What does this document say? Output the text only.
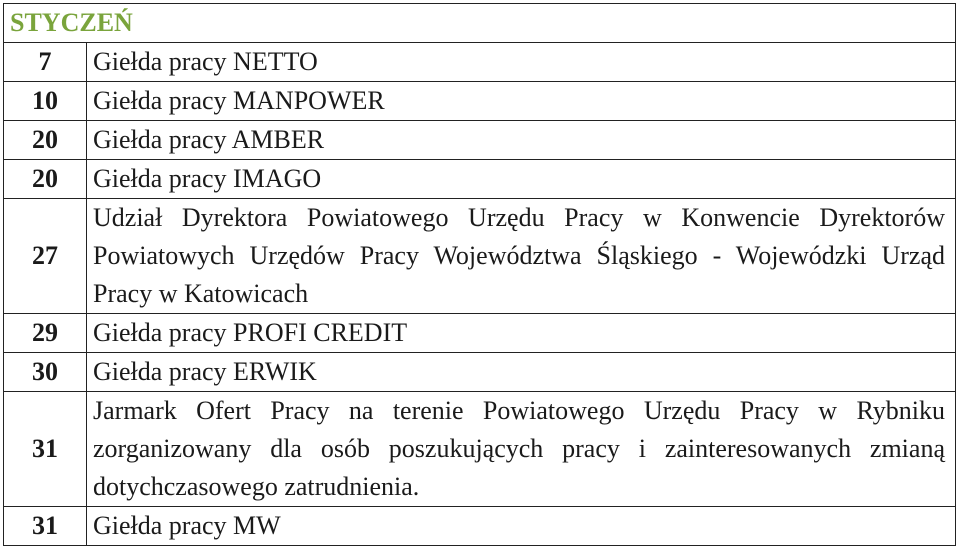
STYCZEŃ	
7	Giełda pracy NETTO
10	Giełda pracy MANPOWER
20	Giełda pracy AMBER
20	Giełda pracy IMAGO
27	Udział Dyrektora Powiatowego Urzędu Pracy w Konwencie Dyrektorów Powiatowych Urzędów Pracy Województwa Śląskiego - Wojewódzki Urząd Pracy w Katowicach
29	Giełda pracy PROFI CREDIT
30	Giełda pracy ERWIK
31	Jarmark Ofert Pracy na terenie Powiatowego Urzędu Pracy w Rybniku zorganizowany dla osób poszukujących pracy i zainteresowanych zmianą dotychczasowego zatrudnienia.
31	Giełda pracy MW
